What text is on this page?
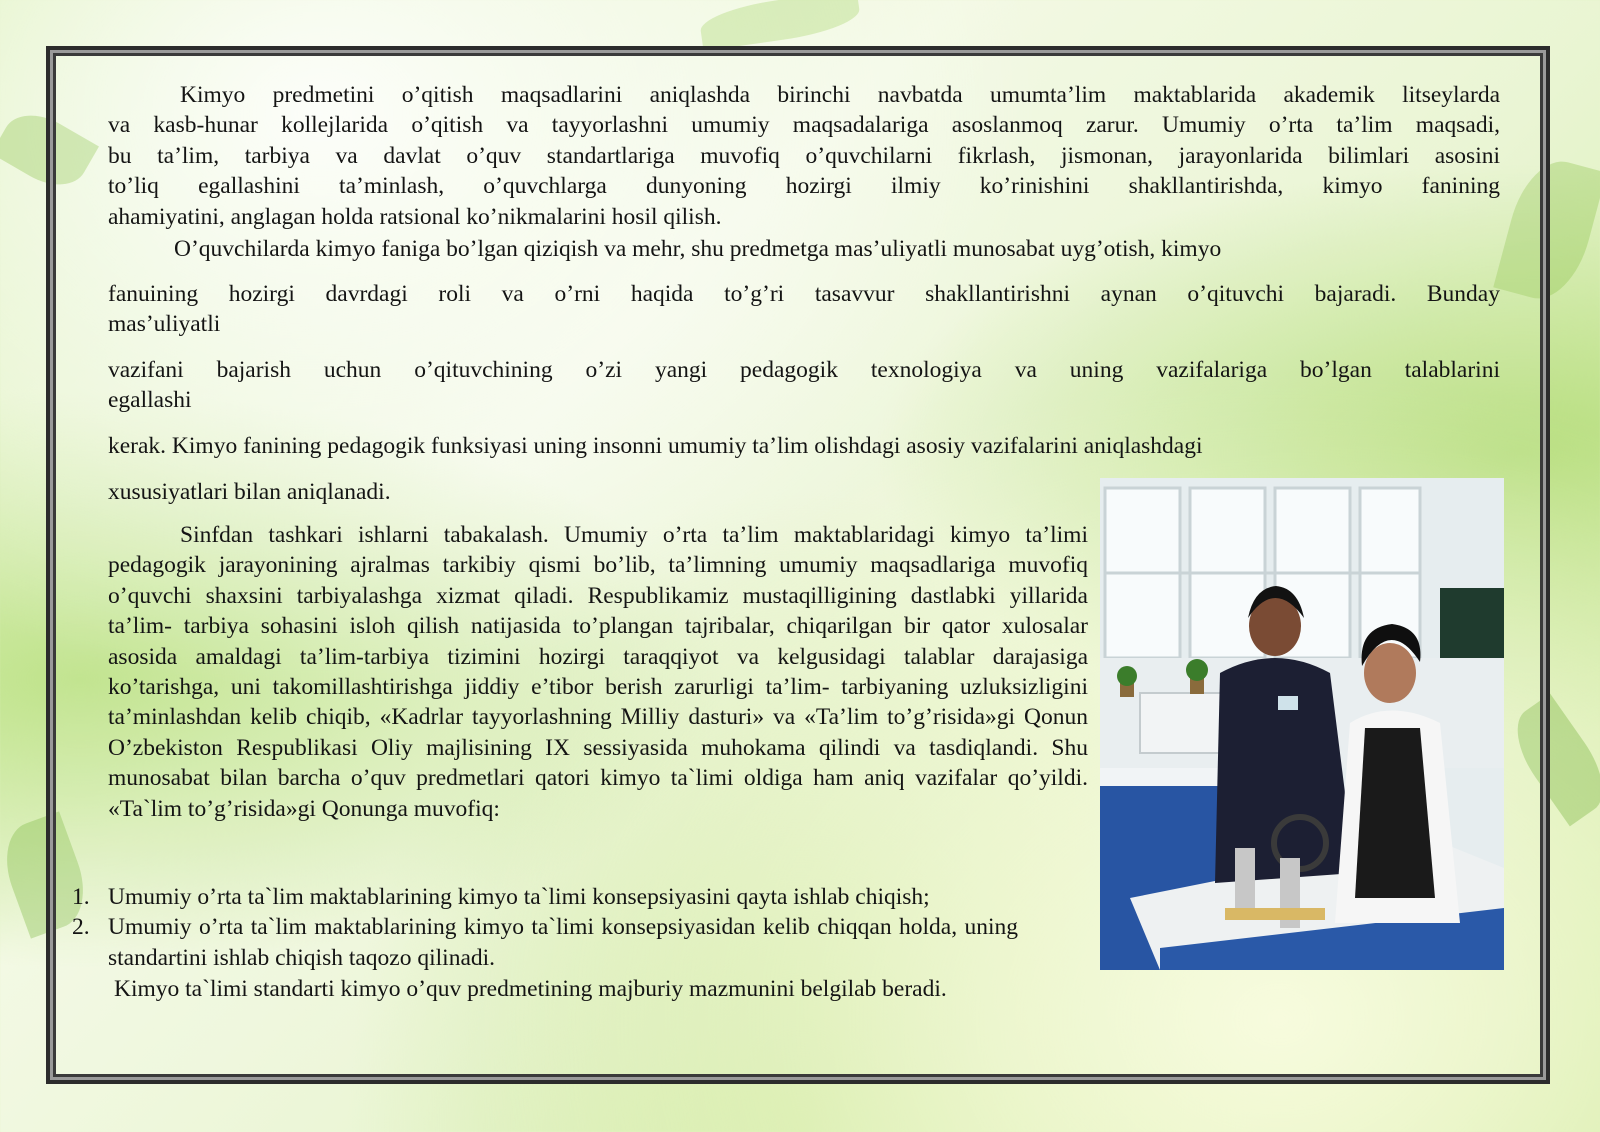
Kimyo predmetini o’qitish maqsadlarini aniqlashda birinchi navbatda umumta’lim maktablarida akademik litseylarda
va kasb-hunar kollejlarida o’qitish va tayyorlashni umumiy maqsadalariga asoslanmoq zarur. Umumiy o’rta ta’lim maqsadi,
bu ta’lim, tarbiya va davlat o’quv standartlariga muvofiq o’quvchilarni fikrlash, jismonan, jarayonlarida bilimlari asosini
to’liq egallashini ta’minlash, o’quvchlarga dunyoning hozirgi ilmiy ko’rinishini shakllantirishda, kimyo fanining
ahamiyatini, anglagan holda ratsional ko’nikmalarini hosil qilish.
O’quvchilarda kimyo faniga bo’lgan qiziqish va mehr, shu predmetga mas’uliyatli munosabat uyg’otish, kimyo
fanuining hozirgi davrdagi roli va o’rni haqida to’g’ri tasavvur shakllantirishni aynan o’qituvchi bajaradi. Bunday
mas’uliyatli
vazifani bajarish uchun o’qituvchining o’zi yangi pedagogik texnologiya va uning vazifalariga bo’lgan talablarini
egallashi
kerak. Kimyo fanining pedagogik funksiyasi uning insonni umumiy ta’lim olishdagi asosiy vazifalarini aniqlashdagi
xususiyatlari bilan aniqlanadi.
Sinfdan tashkari ishlarni tabakalash. Umumiy o’rta ta’lim maktablaridagi kimyo ta’limi pedagogik jarayonining ajralmas tarkibiy qismi bo’lib, ta’limning umumiy maqsadlariga muvofiq o’quvchi shaxsini tarbiyalashga xizmat qiladi. Respublikamiz mustaqilligining dastlabki yillarida ta’lim- tarbiya sohasini isloh qilish natijasida to’plangan tajribalar, chiqarilgan bir qator xulosalar asosida amaldagi ta’lim-tarbiya tizimini hozirgi taraqqiyot va kelgusidagi talablar darajasiga ko’tarishga, uni takomillashtirishga jiddiy e’tibor berish zarurligi ta’lim- tarbiyaning uzluksizligini ta’minlashdan kelib chiqib, «Kadrlar tayyorlashning Milliy dasturi» va «Ta’lim to’g’risida»gi Qonun O’zbekiston Respublikasi Oliy majlisining IX sessiyasida muhokama qilindi va tasdiqlandi. Shu munosabat bilan barcha o’quv predmetlari qatori kimyo ta`limi oldiga ham aniq vazifalar qo’yildi. «Ta`lim to’g’risida»gi Qonunga muvofiq:
1. Umumiy o’rta ta`lim maktablarining kimyo ta`limi konsepsiyasini qayta ishlab chiqish;
2. Umumiy o’rta ta`lim maktablarining kimyo ta`limi konsepsiyasidan kelib chiqqan holda, uning standartini ishlab chiqish taqozo qilinadi.
Kimyo ta`limi standarti kimyo o’quv predmetining majburiy mazmunini belgilab beradi.
